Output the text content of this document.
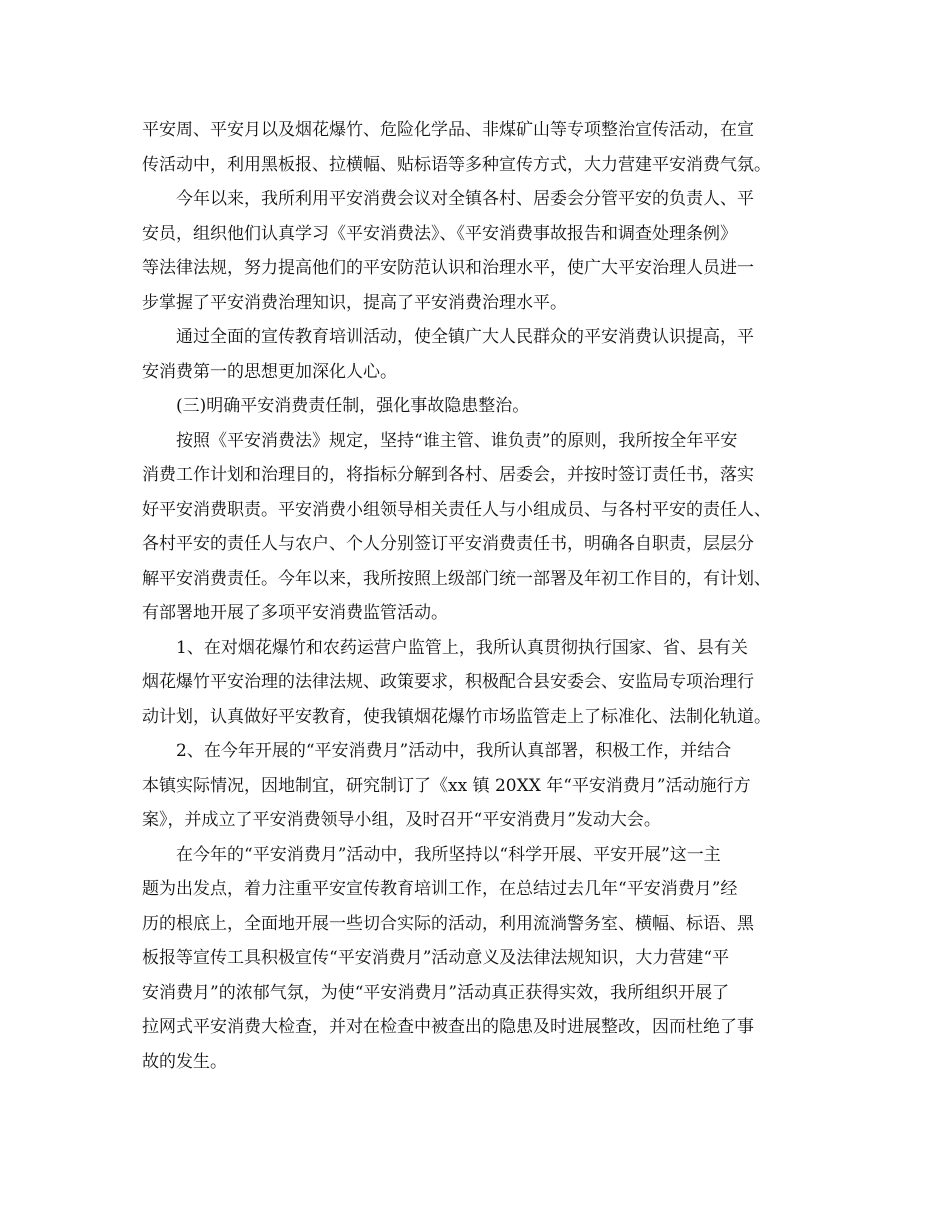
平安周、平安月以及烟花爆竹、危险化学品、非煤矿山等专项整治宣传活动，在宣
传活动中，利用黑板报、拉横幅、贴标语等多种宣传方式，大力营建平安消费气氛。

今年以来，我所利用平安消费会议对全镇各村、居委会分管平安的负责人、平
安员，组织他们认真学习《平安消费法》、《平安消费事故报告和调查处理条例》
等法律法规，努力提高他们的平安防范认识和治理水平，使广大平安治理人员进一
步掌握了平安消费治理知识，提高了平安消费治理水平。

通过全面的宣传教育培训活动，使全镇广大人民群众的平安消费认识提高，平
安消费第一的思想更加深化人心。

(三)明确平安消费责任制，强化事故隐患整治。

按照《平安消费法》规定，坚持“谁主管、谁负责”的原则，我所按全年平安
消费工作计划和治理目的，将指标分解到各村、居委会，并按时签订责任书，落实
好平安消费职责。平安消费小组领导相关责任人与小组成员、与各村平安的责任人、
各村平安的责任人与农户、个人分别签订平安消费责任书，明确各自职责，层层分
解平安消费责任。今年以来，我所按照上级部门统一部署及年初工作目的，有计划、
有部署地开展了多项平安消费监管活动。

1、在对烟花爆竹和农药运营户监管上，我所认真贯彻执行国家、省、县有关
烟花爆竹平安治理的法律法规、政策要求，积极配合县安委会、安监局专项治理行
动计划，认真做好平安教育，使我镇烟花爆竹市场监管走上了标准化、法制化轨道。

2、在今年开展的“平安消费月”活动中，我所认真部署，积极工作，并结合
本镇实际情况，因地制宜，研究制订了《xx 镇 20XX 年“平安消费月”活动施行方
案》，并成立了平安消费领导小组，及时召开“平安消费月”发动大会。

在今年的“平安消费月”活动中，我所坚持以“科学开展、平安开展”这一主
题为出发点，着力注重平安宣传教育培训工作，在总结过去几年“平安消费月”经
历的根底上，全面地开展一些切合实际的活动，利用流淌警务室、横幅、标语、黑
板报等宣传工具积极宣传“平安消费月”活动意义及法律法规知识，大力营建“平
安消费月”的浓郁气氛，为使“平安消费月”活动真正获得实效，我所组织开展了
拉网式平安消费大检查，并对在检查中被查出的隐患及时进展整改，因而杜绝了事
故的发生。
